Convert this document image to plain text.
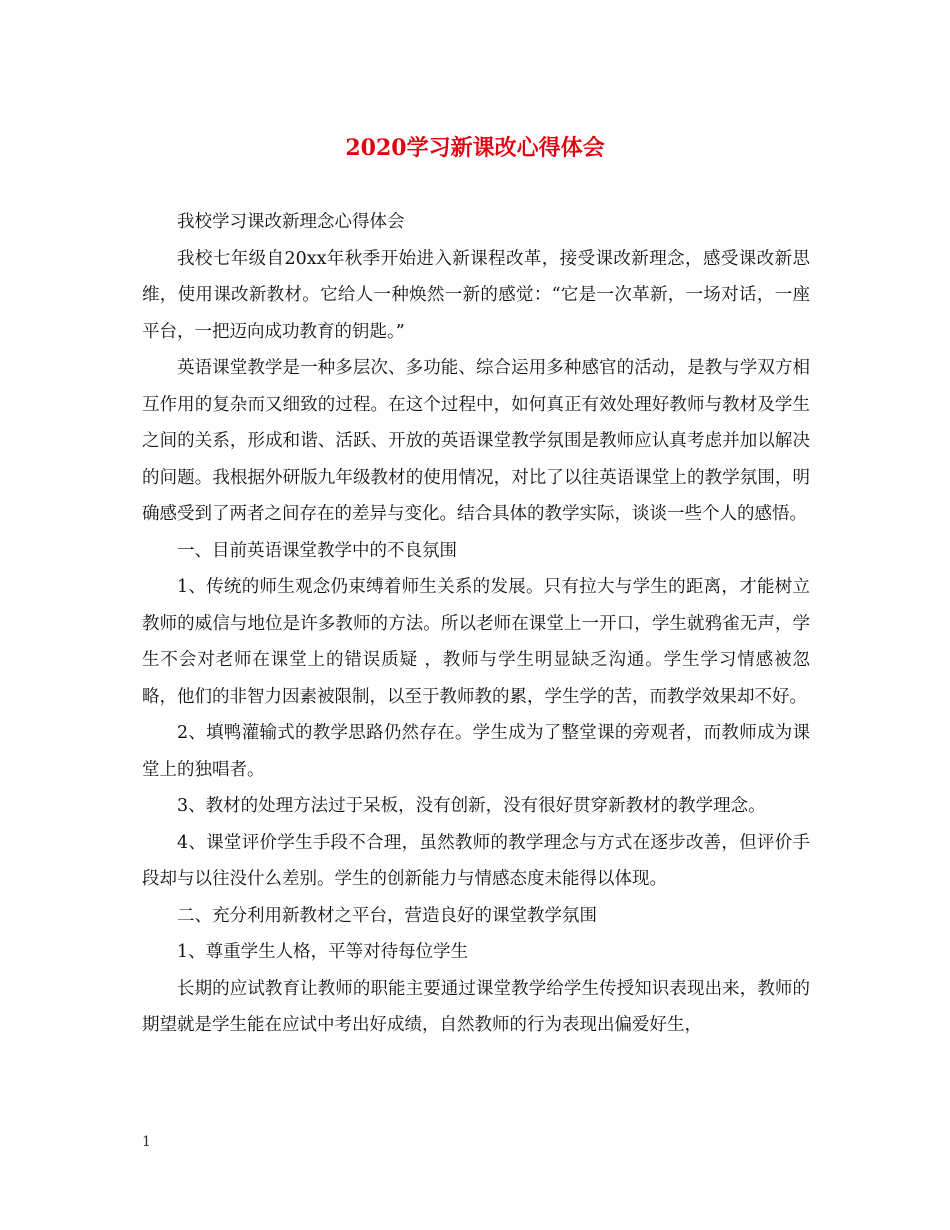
2020学习新课改心得体会

我校学习课改新理念心得体会

我校七年级自20xx年秋季开始进入新课程改革，接受课改新理念，感受课改新思维，使用课改新教材。它给人一种焕然一新的感觉：“它是一次革新，一场对话，一座平台，一把迈向成功教育的钥匙。”

英语课堂教学是一种多层次、多功能、综合运用多种感官的活动，是教与学双方相互作用的复杂而又细致的过程。在这个过程中，如何真正有效处理好教师与教材及学生之间的关系，形成和谐、活跃、开放的英语课堂教学氛围是教师应认真考虑并加以解决的问题。我根据外研版九年级教材的使用情况，对比了以往英语课堂上的教学氛围，明确感受到了两者之间存在的差异与变化。结合具体的教学实际，谈谈一些个人的感悟。

一、目前英语课堂教学中的不良氛围

1、传统的师生观念仍束缚着师生关系的发展。只有拉大与学生的距离，才能树立教师的威信与地位是许多教师的方法。所以老师在课堂上一开口，学生就鸦雀无声，学生不会对老师在课堂上的错误质疑 ，教师与学生明显缺乏沟通。学生学习情感被忽略，他们的非智力因素被限制，以至于教师教的累，学生学的苦，而教学效果却不好。

2、填鸭灌输式的教学思路仍然存在。学生成为了整堂课的旁观者，而教师成为课堂上的独唱者。

3、教材的处理方法过于呆板，没有创新，没有很好贯穿新教材的教学理念。

4、课堂评价学生手段不合理，虽然教师的教学理念与方式在逐步改善，但评价手段却与以往没什么差别。学生的创新能力与情感态度未能得以体现。

二、充分利用新教材之平台，营造良好的课堂教学氛围

1、尊重学生人格，平等对待每位学生

长期的应试教育让教师的职能主要通过课堂教学给学生传授知识表现出来，教师的期望就是学生能在应试中考出好成绩，自然教师的行为表现出偏爱好生，

1
